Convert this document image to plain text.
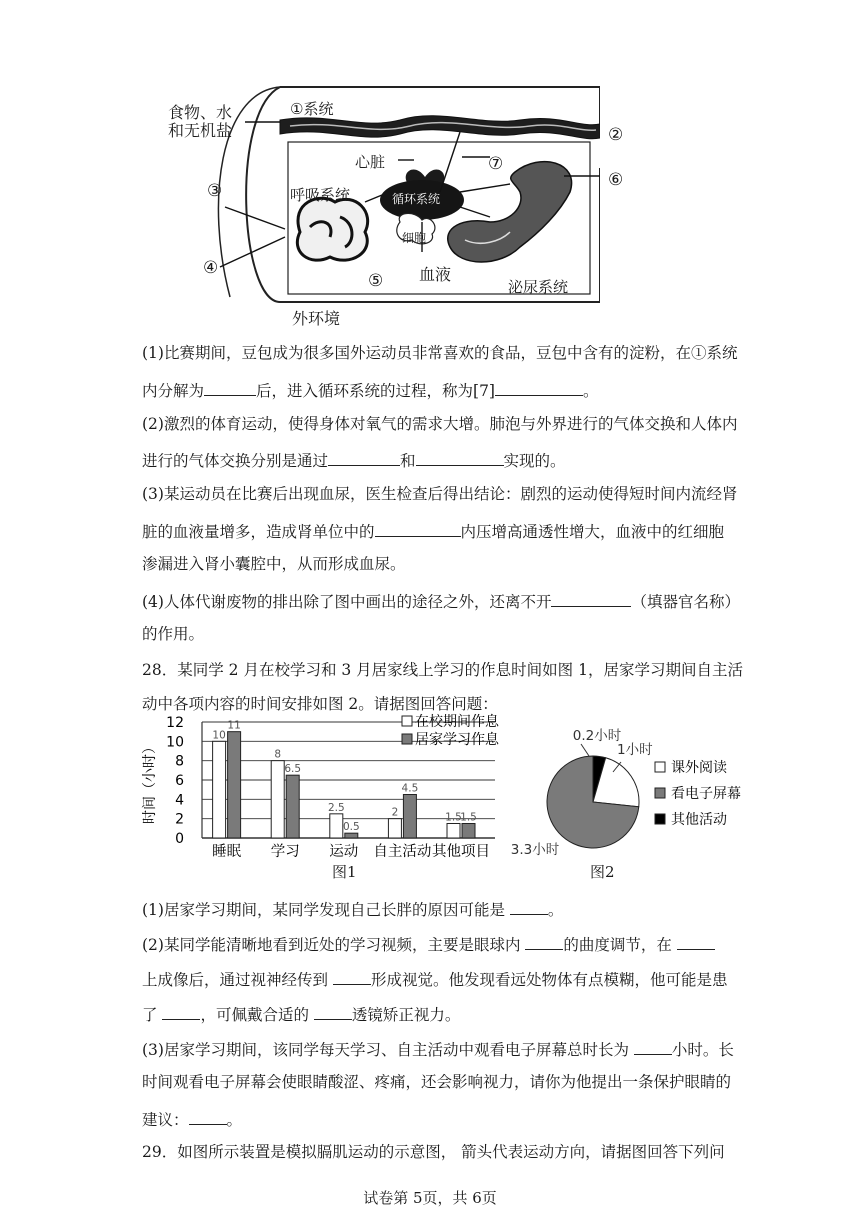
食物、水
和无机盐
①系统
心脏
呼吸系统	循环系统
细胞
血液
泌尿系统
外环境
②
③
④
⑤
⑥
⑦
(1)比赛期间，豆包成为很多国外运动员非常喜欢的食品，豆包中含有的淀粉，在①系统
内分解为	后，进入循环系统的过程，称为[7]	。
(2)激烈的体育运动，使得身体对氧气的需求大增。肺泡与外界进行的气体交换和人体内
进行的气体交换分别是通过	和	实现的。
(3)某运动员在比赛后出现血尿，医生检查后得出结论：剧烈的运动使得短时间内流经肾
脏的血液量增多，造成肾单位中的	内压增高通透性增大，血液中的红细胞
渗漏进入肾小囊腔中，从而形成血尿。
(4)人体代谢废物的排出除了图中画出的途径之外，还离不开	（填器官名称）
的作用。
28．某同学 2 月在校学习和 3 月居家线上学习的作息时间如图 1，居家学习期间自主活
动中各项内容的时间安排如图 2。请据图回答问题：
时间（小时）
0
2
4
6
8
10
12
10
11
睡眠
8
6.5
学习
2.5
0.5
运动
2
4.5
自主活动
1.5
1.5
其他项目
在校期间作息
居家学习作息
图1
0.2小时
1小时
3.3小时
课外阅读
看电子屏幕
其他活动
图2
(1)居家学习期间，某同学发现自己长胖的原因可能是 。
(2)某同学能清晰地看到近处的学习视频，主要是眼球内 的曲度调节，在
上成像后，通过视神经传到 形成视觉。他发现看远处物体有点模糊，他可能是患
了 ，可佩戴合适的 透镜矫正视力。
(3)居家学习期间，该同学每天学习、自主活动中观看电子屏幕总时长为 小时。长
时间观看电子屏幕会使眼睛酸涩、疼痛，还会影响视力，请你为他提出一条保护眼睛的
建议： 。
29．如图所示装置是模拟膈肌运动的示意图， 箭头代表运动方向，请据图回答下列问
试卷第 5页，共 6页
